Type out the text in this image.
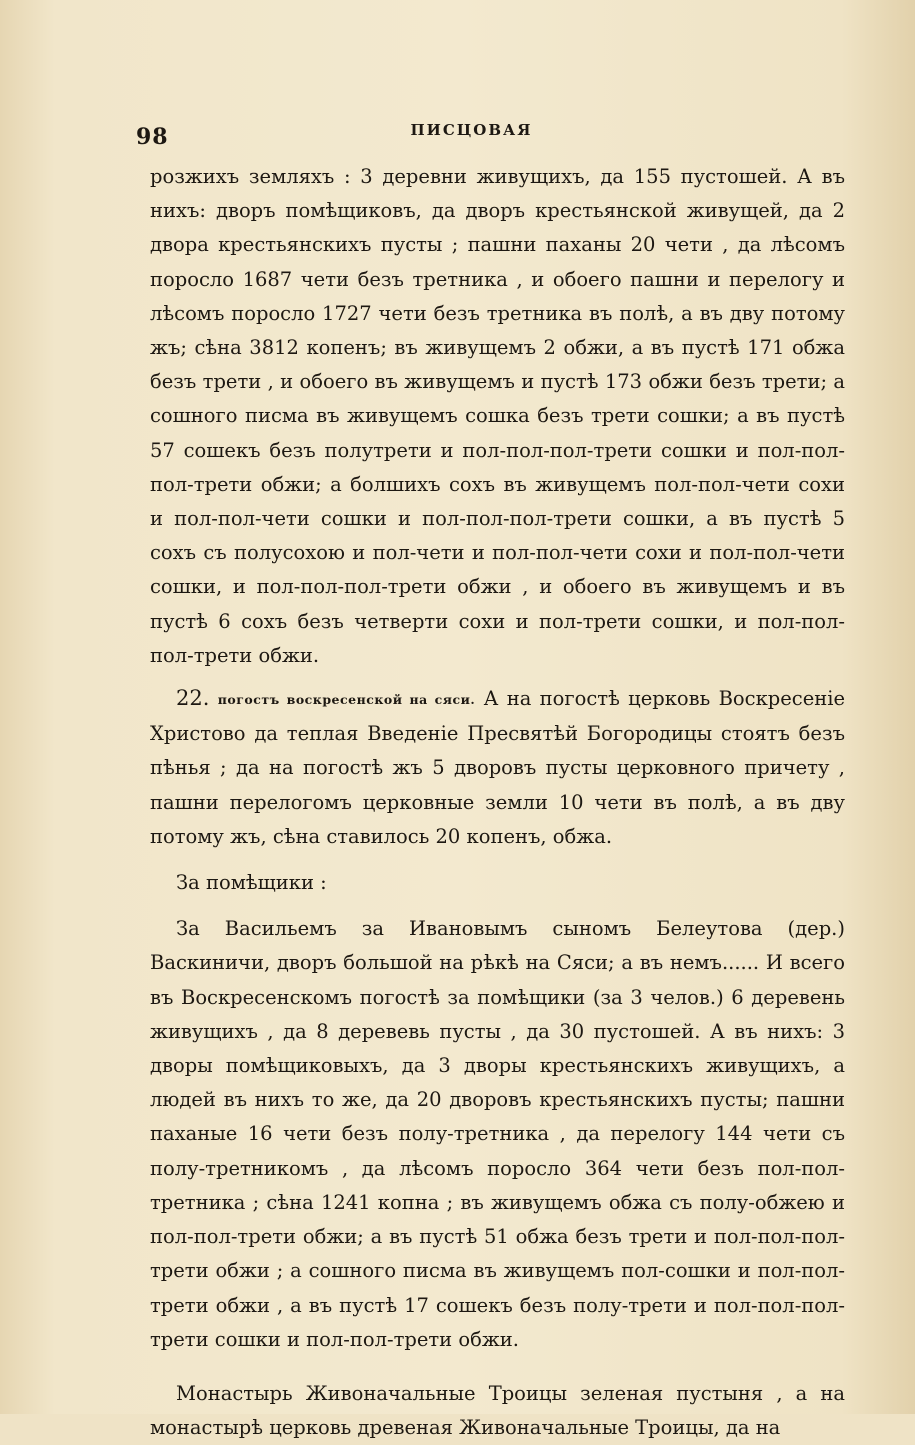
98	ПИСЦОВАЯ

розжихъ земляхъ : 3 деревни живущихъ, да 155 пустошей. А въ нихъ: дворъ помѣщиковъ, да дворъ крестьянской живущей, да 2 двора крестьянскихъ пусты ; пашни паханы 20 чети , да лѣсомъ поросло 1687 чети безъ третника , и обоего пашни и перелогу и лѣсомъ поросло 1727 чети безъ третника въ полѣ, а въ дву потому жъ; сѣна 3812 копенъ; въ живущемъ 2 обжи, а въ пустѣ 171 обжа безъ трети , и обоего въ живущемъ и пустѣ 173 обжи безъ трети; а сошного писма въ живущемъ сошка безъ трети сошки; а въ пустѣ 57 сошекъ безъ полутрети и пол-пол-пол-трети сошки и пол-пол-пол-трети обжи; а болшихъ сохъ въ живущемъ пол-пол-чети сохи и пол-пол-чети сошки и пол-пол-пол-трети сошки, а въ пустѣ 5 сохъ съ полусохою и пол-чети и пол-пол-чети сохи и пол-пол-чети сошки, и пол-пол-пол-трети обжи , и обоего въ живущемъ и въ пустѣ 6 сохъ безъ четверти сохи и пол-трети сошки, и пол-пол-пол-трети обжи.

22. погостъ воскресенской на сяси. А на погостѣ церковь Воскресеніе Христово да теплая Введеніе Пресвятѣй Богородицы стоятъ безъ пѣнья ; да на погостѣ жъ 5 дворовъ пусты церковного причету , пашни перелогомъ церковные земли 10 чети въ полѣ, а въ дву потому жъ, сѣна ставилось 20 копенъ, обжа.

За помѣщики :

За Васильемъ за Ивановымъ сыномъ Белеутова (дер.) Васкиничи, дворъ большой на рѣкѣ на Сяси; а въ немъ...... И всего въ Воскресенскомъ погостѣ за помѣщики (за 3 челов.) 6 деревень живущихъ , да 8 деревевь пусты , да 30 пустошей. А въ нихъ: 3 дворы помѣщиковыхъ, да 3 дворы крестьянскихъ живущихъ, а людей въ нихъ то же, да 20 дворовъ крестьянскихъ пусты; пашни паханые 16 чети безъ полу-третника , да перелогу 144 чети съ полу-третникомъ , да лѣсомъ поросло 364 чети безъ пол-пол-третника ; сѣна 1241 копна ; въ живущемъ обжа съ полу-обжею и пол-пол-трети обжи; а въ пустѣ 51 обжа безъ трети и пол-пол-пол-трети обжи ; а сошного писма въ живущемъ пол-сошки и пол-пол-трети обжи , а въ пустѣ 17 сошекъ безъ полу-трети и пол-пол-пол-трети сошки и пол-пол-трети обжи.

Монастырь Живоначальные Троицы зеленая пустыня , а на монастырѣ церковь древеная Живоначальные Троицы, да на
